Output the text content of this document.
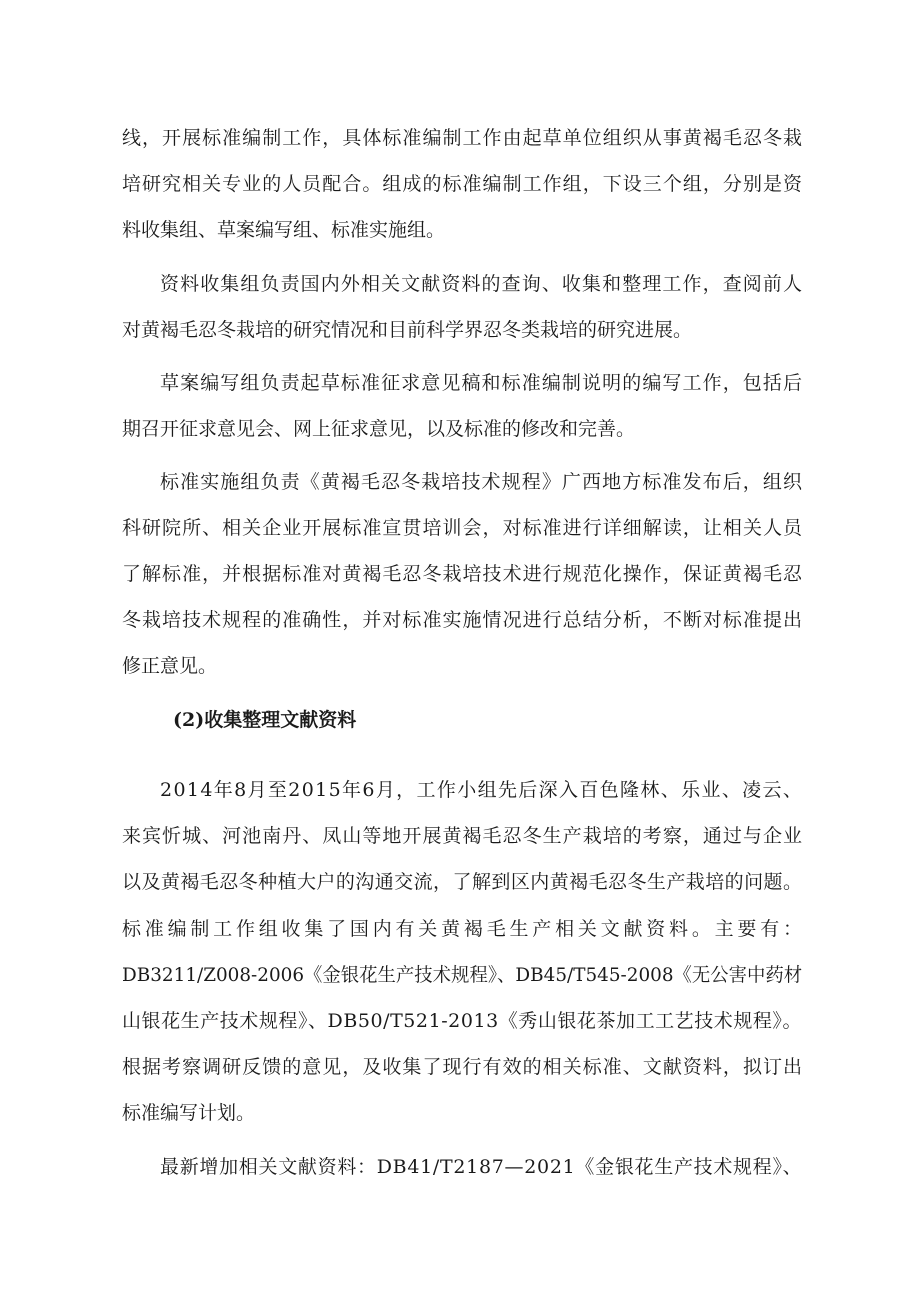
线，开展标准编制工作，具体标准编制工作由起草单位组织从事黄褐毛忍冬栽
培研究相关专业的人员配合。组成的标准编制工作组，下设三个组，分别是资
料收集组、草案编写组、标准实施组。
资料收集组负责国内外相关文献资料的查询、收集和整理工作，查阅前人
对黄褐毛忍冬栽培的研究情况和目前科学界忍冬类栽培的研究进展。
草案编写组负责起草标准征求意见稿和标准编制说明的编写工作，包括后
期召开征求意见会、网上征求意见，以及标准的修改和完善。
标准实施组负责《黄褐毛忍冬栽培技术规程》广西地方标准发布后，组织
科研院所、相关企业开展标准宣贯培训会，对标准进行详细解读，让相关人员
了解标准，并根据标准对黄褐毛忍冬栽培技术进行规范化操作，保证黄褐毛忍
冬栽培技术规程的准确性，并对标准实施情况进行总结分析，不断对标准提出
修正意见。
(2)收集整理文献资料
2014年8月至2015年6月，工作小组先后深入百色隆林、乐业、凌云、
来宾忻城、河池南丹、凤山等地开展黄褐毛忍冬生产栽培的考察，通过与企业
以及黄褐毛忍冬种植大户的沟通交流，了解到区内黄褐毛忍冬生产栽培的问题。
标准编制工作组收集了国内有关黄褐毛生产相关文献资料。主要有：
DB3211/Z008-2006《金银花生产技术规程》、DB45/T545-2008《无公害中药材
山银花生产技术规程》、DB50/T521-2013《秀山银花茶加工工艺技术规程》。
根据考察调研反馈的意见，及收集了现行有效的相关标准、文献资料，拟订出
标准编写计划。
最新增加相关文献资料：DB41/T2187—2021《金银花生产技术规程》、
